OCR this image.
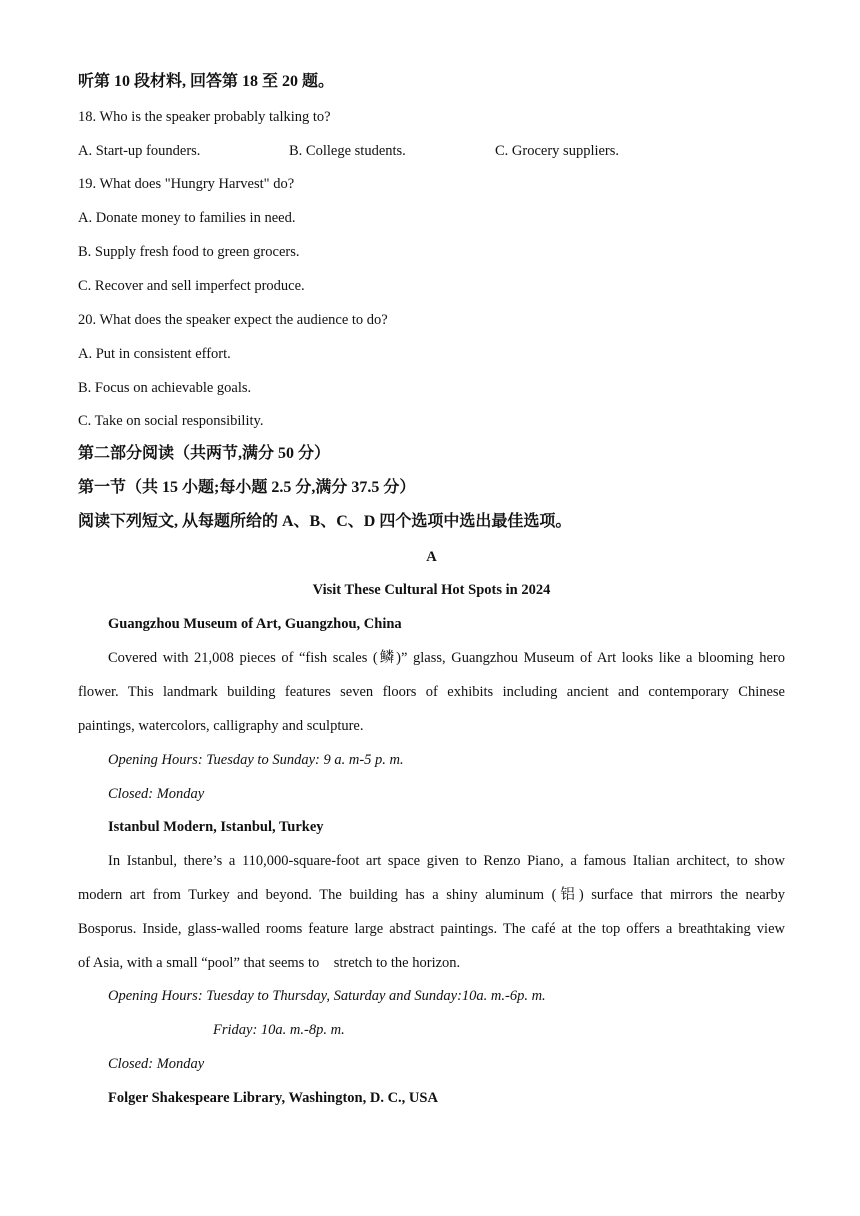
听第 10 段材料, 回答第 18 至 20 题。
18. Who is the speaker probably talking to?
A. Start-up founders.	B. College students.	C. Grocery suppliers.
19. What does "Hungry Harvest" do?
A. Donate money to families in need.
B. Supply fresh food to green grocers.
C. Recover and sell imperfect produce.
20. What does the speaker expect the audience to do?
A. Put in consistent effort.
B. Focus on achievable goals.
C. Take on social responsibility.
第二部分阅读（共两节,满分 50 分）
第一节（共 15 小题;每小题 2.5 分,满分 37.5 分）
阅读下列短文, 从每题所给的 A、B、C、D 四个选项中选出最佳选项。
A
Visit These Cultural Hot Spots in 2024
Guangzhou Museum of Art, Guangzhou, China
Covered with 21,008 pieces of “fish scales (鳞)” glass, Guangzhou Museum of Art looks like a blooming hero
flower. This landmark building features seven floors of exhibits including ancient and contemporary Chinese
paintings, watercolors, calligraphy and sculpture.
Opening Hours: Tuesday to Sunday: 9 a. m-5 p. m.
Closed: Monday
Istanbul Modern, Istanbul, Turkey
In Istanbul, there’s a 110,000-square-foot art space given to Renzo Piano, a famous Italian architect, to show
modern art from Turkey and beyond. The building has a shiny aluminum (铝) surface that mirrors the nearby
Bosporus. Inside, glass-walled rooms feature large abstract paintings. The café at the top offers a breathtaking view
of Asia, with a small “pool” that seems to    stretch to the horizon.
Opening Hours: Tuesday to Thursday, Saturday and Sunday:10a. m.-6p. m.
Friday: 10a. m.-8p. m.
Closed: Monday
Folger Shakespeare Library, Washington, D. C., USA
